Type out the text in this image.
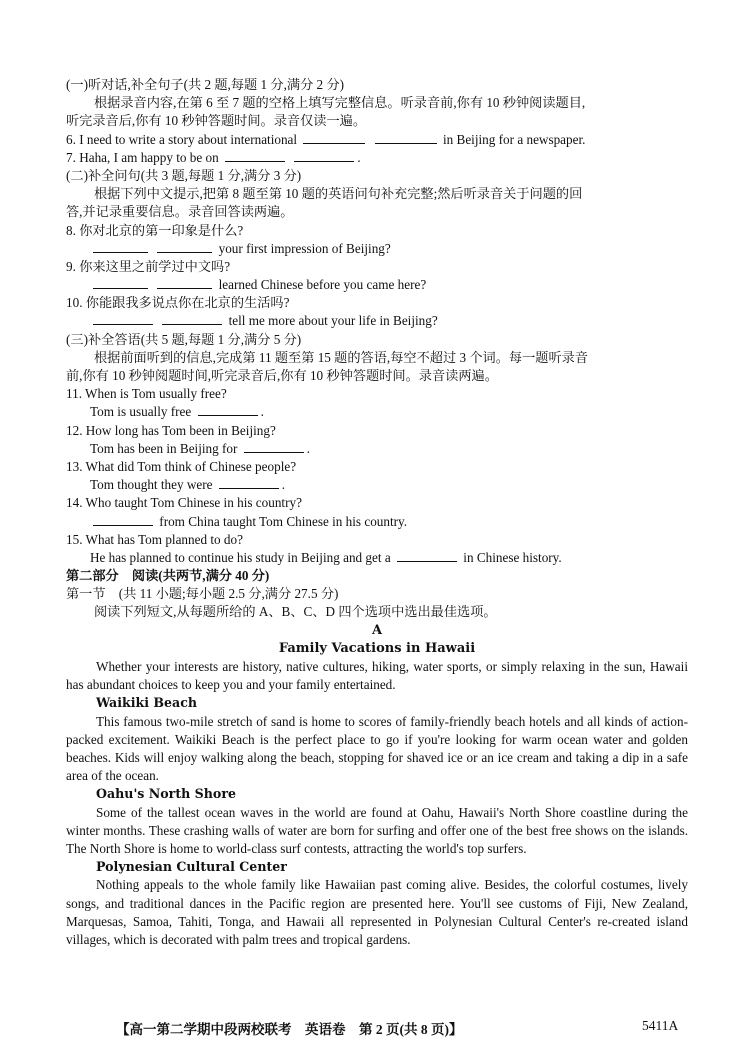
(一)听对话,补全句子(共 2 题,每题 1 分,满分 2 分)
根据录音内容,在第 6 至 7 题的空格上填写完整信息。听录音前,你有 10 秒钟阅读题目,
听完录音后,你有 10 秒钟答题时间。录音仅读一遍。
6. I need to write a story about international	in Beijing for a newspaper.
7. Haha, I am happy to be on	.
(二)补全问句(共 3 题,每题 1 分,满分 3 分)
根据下列中文提示,把第 8 题至第 10 题的英语问句补充完整;然后听录音关于问题的回
答,并记录重要信息。录音回答读两遍。
8. 你对北京的第一印象是什么?
your first impression of Beijing?
9. 你来这里之前学过中文吗?
learned Chinese before you came here?
10. 你能跟我多说点你在北京的生活吗?
tell me more about your life in Beijing?
(三)补全答语(共 5 题,每题 1 分,满分 5 分)
根据前面听到的信息,完成第 11 题至第 15 题的答语,每空不超过 3 个词。每一题听录音
前,你有 10 秒钟阅题时间,听完录音后,你有 10 秒钟答题时间。录音读两遍。
11. When is Tom usually free?
Tom is usually free	.
12. How long has Tom been in Beijing?
Tom has been in Beijing for	.
13. What did Tom think of Chinese people?
Tom thought they were	.
14. Who taught Tom Chinese in his country?
from China taught Tom Chinese in his country.
15. What has Tom planned to do?
He has planned to continue his study in Beijing and get a	in Chinese history.
第二部分　阅读(共两节,满分 40 分)
第一节　(共 11 小题;每小题 2.5 分,满分 27.5 分)
阅读下列短文,从每题所给的 A、B、C、D 四个选项中选出最佳选项。
A
Family Vacations in Hawaii
Whether your interests are history, native cultures, hiking, water sports, or simply relaxing in the sun, Hawaii has abundant choices to keep you and your family entertained.
Waikiki Beach
This famous two-mile stretch of sand is home to scores of family-friendly beach hotels and all kinds of action-packed excitement. Waikiki Beach is the perfect place to go if you're looking for warm ocean water and golden beaches. Kids will enjoy walking along the beach, stopping for shaved ice or an ice cream and taking a dip in a safe area of the ocean.
Oahu's North Shore
Some of the tallest ocean waves in the world are found at Oahu, Hawaii's North Shore coastline during the winter months. These crashing walls of water are born for surfing and offer one of the best free shows on the islands. The North Shore is home to world-class surf contests, attracting the world's top surfers.
Polynesian Cultural Center
Nothing appeals to the whole family like Hawaiian past coming alive. Besides, the colorful costumes, lively songs, and traditional dances in the Pacific region are presented here. You'll see customs of Fiji, New Zealand, Marquesas, Samoa, Tahiti, Tonga, and Hawaii all represented in Polynesian Cultural Center's re-created island villages, which is decorated with palm trees and tropical gardens.
【高一第二学期中段两校联考　英语卷　第 2 页(共 8 页)】	5411A
